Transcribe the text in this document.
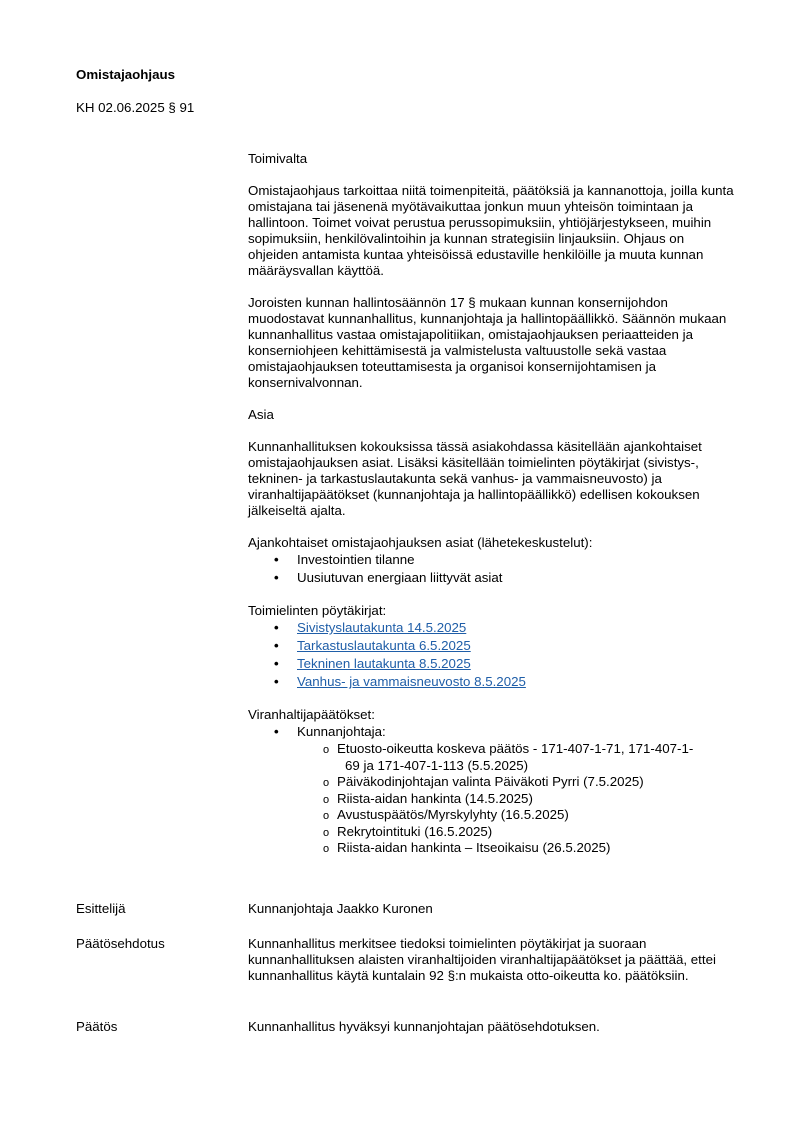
Omistajaohjaus
KH 02.06.2025 § 91

Toimivalta

Omistajaohjaus tarkoittaa niitä toimenpiteitä, päätöksiä ja kannanottoja, joilla kunta omistajana tai jäsenenä myötävaikuttaa jonkun muun yhteisön toimintaan ja hallintoon. Toimet voivat perustua perussopimuksiin, yhtiöjärjestykseen, muihin sopimuksiin, henkilövalintoihin ja kunnan strategisiin linjauksiin. Ohjaus on ohjeiden antamista kuntaa yhteisöissä edustaville henkilöille ja muuta kunnan määräysvallan käyttöä.

Joroisten kunnan hallintosäännön 17 § mukaan kunnan konsernijohdon muodostavat kunnanhallitus, kunnanjohtaja ja hallintopäällikkö. Säännön mukaan kunnanhallitus vastaa omistajapolitiikan, omistajaohjauksen periaatteiden ja konserniohjeen kehittämisestä ja valmistelusta valtuustolle sekä vastaa omistajaohjauksen toteuttamisesta ja organisoi konsernijohtamisen ja konsernivalvonnan.

Asia

Kunnanhallituksen kokouksissa tässä asiakohdassa käsitellään ajankohtaiset omistajaohjauksen asiat. Lisäksi käsitellään toimielinten pöytäkirjat (sivistys-, tekninen- ja tarkastuslautakunta sekä vanhus- ja vammaisneuvosto) ja viranhaltijapäätökset (kunnanjohtaja ja hallintopäällikkö) edellisen kokouksen jälkeiseltä ajalta.

Ajankohtaiset omistajaohjauksen asiat (lähetekeskustelut):

• Investointien tilanne
• Uusiutuvan energiaan liittyvät asiat

Toimielinten pöytäkirjat:

• Sivistyslautakunta 14.5.2025
• Tarkastuslautakunta 6.5.2025
• Tekninen lautakunta 8.5.2025
• Vanhus- ja vammaisneuvosto 8.5.2025

Viranhaltijapäätökset:

• Kunnanjohtaja:
o Etuosto-oikeutta koskeva päätös - 171-407-1-71, 171-407-1-
69 ja 171-407-1-113 (5.5.2025)
o Päiväkodinjohtajan valinta Päiväkoti Pyrri (7.5.2025)
o Riista-aidan hankinta (14.5.2025)
o Avustuspäätös/Myrskylyhty (16.5.2025)
o Rekrytointituki (16.5.2025)
o Riista-aidan hankinta – Itseoikaisu (26.5.2025)
Esittelijä	Kunnanjohtaja Jaakko Kuronen
Päätösehdotus	Kunnanhallitus merkitsee tiedoksi toimielinten pöytäkirjat ja suoraan kunnanhallituksen alaisten viranhaltijoiden viranhaltijapäätökset ja päättää, ettei kunnanhallitus käytä kuntalain 92 §:n mukaista otto-oikeutta ko. päätöksiin.
Päätös	Kunnanhallitus hyväksyi kunnanjohtajan päätösehdotuksen.
